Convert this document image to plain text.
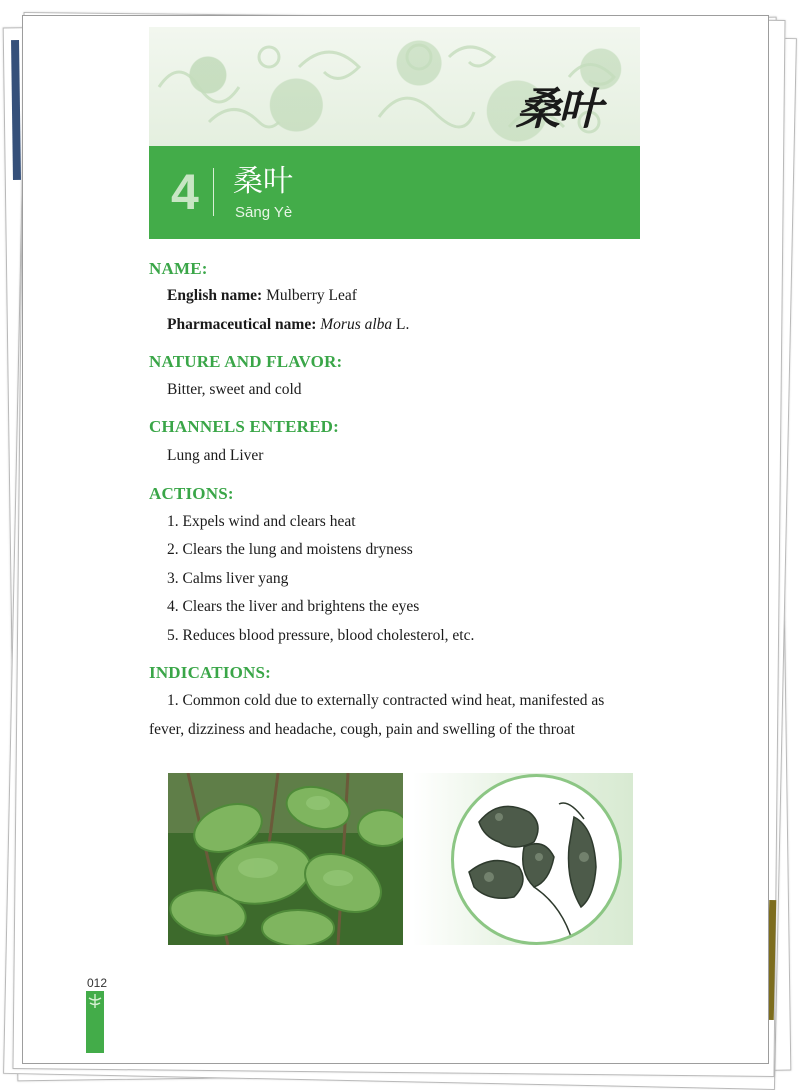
桑叶
4 桑叶
Sāng Yè
NAME:
English name: Mulberry Leaf
Pharmaceutical name: Morus alba L.
NATURE AND FLAVOR:
Bitter, sweet and cold
CHANNELS ENTERED:
Lung and Liver
ACTIONS:
1. Expels wind and clears heat
2. Clears the lung and moistens dryness
3. Calms liver yang
4. Clears the liver and brightens the eyes
5. Reduces blood pressure, blood cholesterol, etc.
INDICATIONS:
1. Common cold due to externally contracted wind heat, manifested as
fever, dizziness and headache, cough, pain and swelling of the throat
012
